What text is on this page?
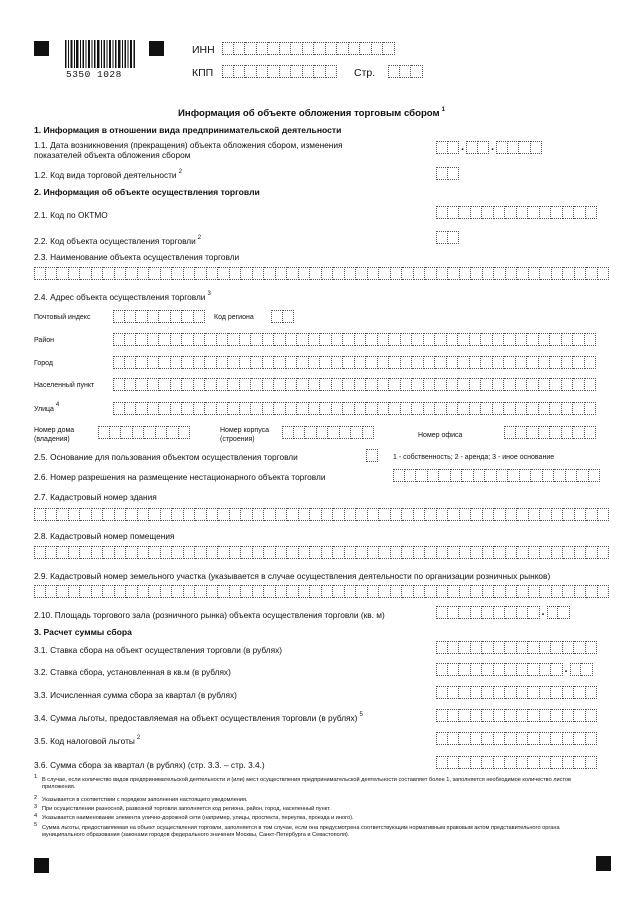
5350 1028
ИНН
КПП	Стр.
Информация об объекте обложения торговым сбором $^1$
1. Информация в отношении вида предпринимательской деятельности
1.1. Дата возникновения (прекращения) объекта обложения сбором, изменения показателей объекта обложения сбором
. .
1.2. Код вида торговой деятельности $^2$
2. Информация об объекте осуществления торговли
2.1. Код по ОКТМО
2.2. Код объекта осуществления торговли $^2$
2.3. Наименование объекта осуществления торговли
2.4. Адрес объекта осуществления торговли $^3$
Почтовый индекс	Код региона
Район
Город
Населенный пункт
Улица4
Номер дома (владения)
Номер корпуса (строения)
Номер офиса
2.5. Основание для пользования объектом осуществления торговли	1 - собственность; 2 - аренда; 3 - иное основание
2.6. Номер разрешения на размещение нестационарного объекта торговли
2.7. Кадастровый номер здания
2.8. Кадастровый номер помещения
2.9. Кадастровый номер земельного участка (указывается в случае осуществления деятельности по организации розничных рынков)
2.10. Площадь торгового зала (розничного рынка) объекта осуществления торговли (кв. м)	.
3. Расчет суммы сбора
3.1. Ставка сбора на объект осуществления торговли (в рублях)
3.2. Ставка сбора, установленная в кв.м (в рублях)	.
3.3. Исчисленная сумма сбора за квартал (в рублях)
3.4. Сумма льготы, предоставляемая на объект осуществления торговли (в рублях) $^5$
3.5. Код налоговой льготы $^2$
3.6. Сумма сбора за квартал (в рублях) (стр. 3.3. – стр. 3.4.)
1 В случае, если количество видов предпринимательской деятельности и (или) мест осуществления предпринимательской деятельности составляет более 1, заполняется необходимое количество листов приложения.
2 Указывается в соответствии с порядком заполнения настоящего уведомления.
3 При осуществлении разносной, развозной торговли заполняется код региона, район, город, населенный пункт.
4 Указывается наименование элемента улично-дорожной сети (например, улицы, проспекта, переулка, проезда и иного).
5 Сумма льготы, предоставляемая на объект осуществления торговли, заполняется в том случае, если она предусмотрена соответствующим нормативным правовым актом представительного органа муниципального образования (законами городов федерального значения Москвы, Санкт-Петербурга и Севастополя).
